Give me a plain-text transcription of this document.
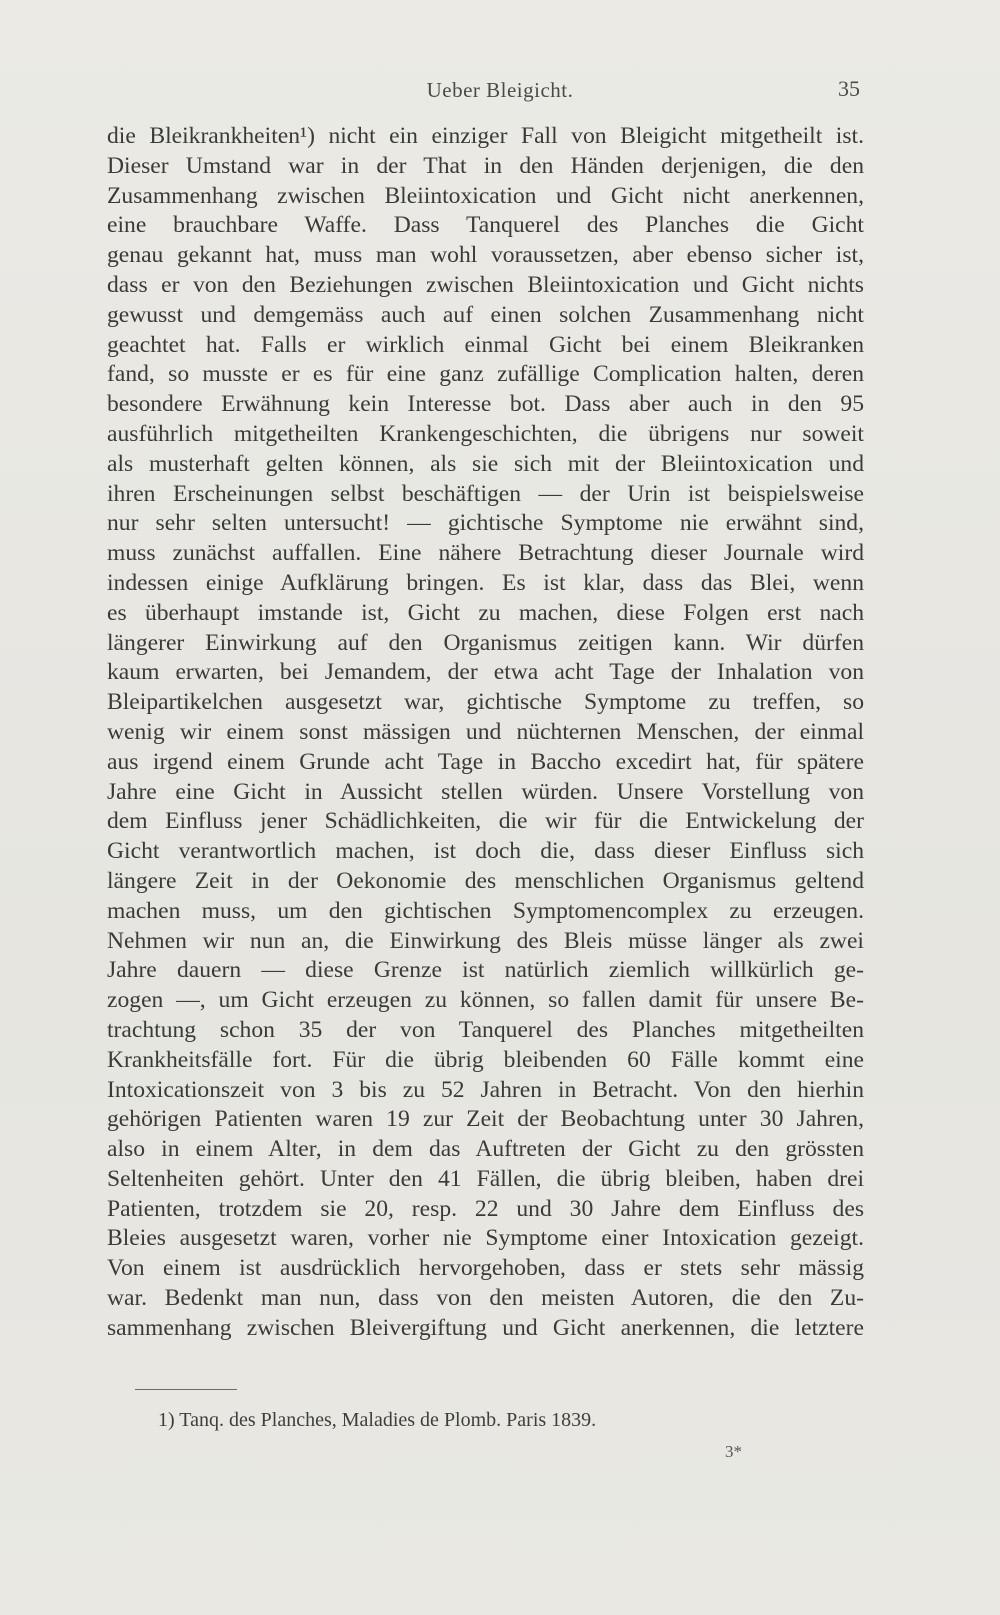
Ueber Bleigicht.	35
die Bleikrankheiten¹) nicht ein einziger Fall von Bleigicht mitgetheilt ist.
Dieser Umstand war in der That in den Händen derjenigen, die den
Zusammenhang zwischen Bleiintoxication und Gicht nicht anerkennen,
eine brauchbare Waffe. Dass Tanquerel des Planches die Gicht
genau gekannt hat, muss man wohl voraussetzen, aber ebenso sicher ist,
dass er von den Beziehungen zwischen Bleiintoxication und Gicht nichts
gewusst und demgemäss auch auf einen solchen Zusammenhang nicht
geachtet hat. Falls er wirklich einmal Gicht bei einem Bleikranken
fand, so musste er es für eine ganz zufällige Complication halten, deren
besondere Erwähnung kein Interesse bot. Dass aber auch in den 95
ausführlich mitgetheilten Krankengeschichten, die übrigens nur soweit
als musterhaft gelten können, als sie sich mit der Bleiintoxication und
ihren Erscheinungen selbst beschäftigen — der Urin ist beispielsweise
nur sehr selten untersucht! — gichtische Symptome nie erwähnt sind,
muss zunächst auffallen. Eine nähere Betrachtung dieser Journale wird
indessen einige Aufklärung bringen. Es ist klar, dass das Blei, wenn
es überhaupt imstande ist, Gicht zu machen, diese Folgen erst nach
längerer Einwirkung auf den Organismus zeitigen kann. Wir dürfen
kaum erwarten, bei Jemandem, der etwa acht Tage der Inhalation von
Bleipartikelchen ausgesetzt war, gichtische Symptome zu treffen, so
wenig wir einem sonst mässigen und nüchternen Menschen, der einmal
aus irgend einem Grunde acht Tage in Baccho excedirt hat, für spätere
Jahre eine Gicht in Aussicht stellen würden. Unsere Vorstellung von
dem Einfluss jener Schädlichkeiten, die wir für die Entwickelung der
Gicht verantwortlich machen, ist doch die, dass dieser Einfluss sich
längere Zeit in der Oekonomie des menschlichen Organismus geltend
machen muss, um den gichtischen Symptomencomplex zu erzeugen.
Nehmen wir nun an, die Einwirkung des Bleis müsse länger als zwei
Jahre dauern — diese Grenze ist natürlich ziemlich willkürlich ge-
zogen —, um Gicht erzeugen zu können, so fallen damit für unsere Be-
trachtung schon 35 der von Tanquerel des Planches mitgetheilten
Krankheitsfälle fort. Für die übrig bleibenden 60 Fälle kommt eine
Intoxicationszeit von 3 bis zu 52 Jahren in Betracht. Von den hierhin
gehörigen Patienten waren 19 zur Zeit der Beobachtung unter 30 Jahren,
also in einem Alter, in dem das Auftreten der Gicht zu den grössten
Seltenheiten gehört. Unter den 41 Fällen, die übrig bleiben, haben drei
Patienten, trotzdem sie 20, resp. 22 und 30 Jahre dem Einfluss des
Bleies ausgesetzt waren, vorher nie Symptome einer Intoxication gezeigt.
Von einem ist ausdrücklich hervorgehoben, dass er stets sehr mässig
war. Bedenkt man nun, dass von den meisten Autoren, die den Zu-
sammenhang zwischen Bleivergiftung und Gicht anerkennen, die letztere
1) Tanq. des Planches, Maladies de Plomb. Paris 1839.
3*
